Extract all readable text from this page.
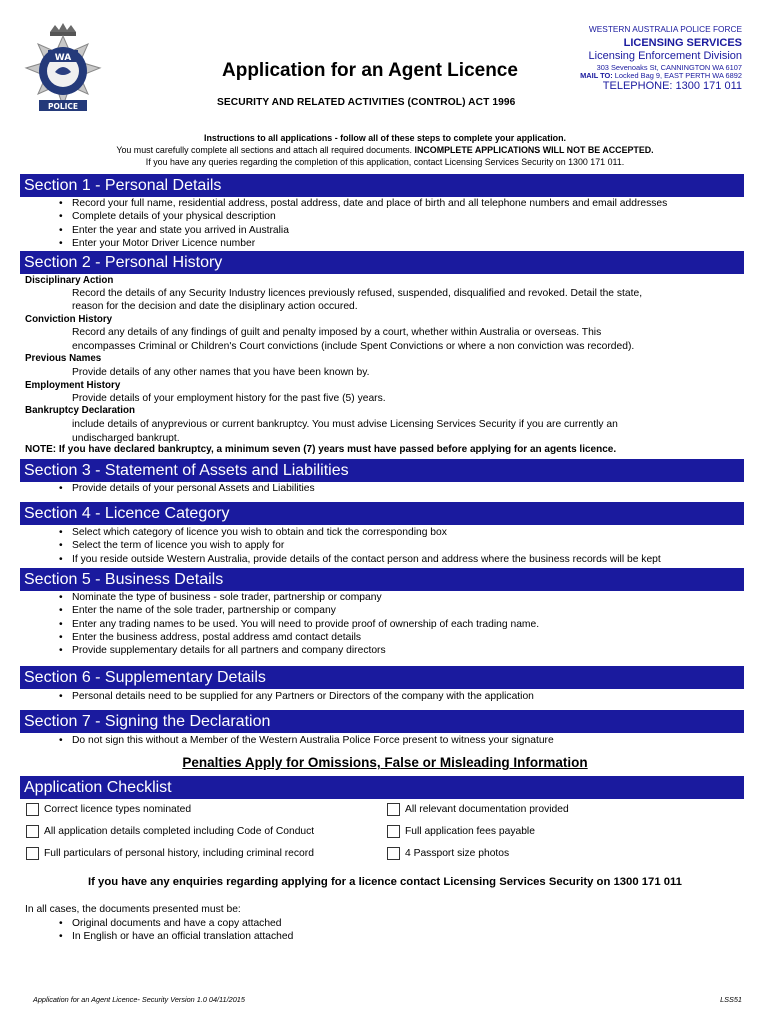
WA
POLICE
Application for an Agent Licence
SECURITY AND RELATED ACTIVITIES (CONTROL) ACT 1996
WESTERN AUSTRALIA POLICE FORCE
LICENSING SERVICES
Licensing Enforcement Division
303 Sevenoaks St, CANNINGTON WA 6107
MAIL TO: Locked Bag 9, EAST PERTH WA 6892
TELEPHONE: 1300 171 011
Instructions to all applications - follow all of these steps to complete your application.
You must carefully complete all sections and attach all required documents. INCOMPLETE APPLICATIONS WILL NOT BE ACCEPTED.
If you have any queries regarding the completion of this application, contact Licensing Services Security on 1300 171 011.
Section 1 - Personal Details
• Record your full name, residential address, postal address, date and place of birth and all telephone numbers and email addresses
• Complete details of your physical description
• Enter the year and state you arrived in Australia
• Enter your Motor Driver Licence number
Section 2 - Personal History
Disciplinary Action
Record the details of any Security Industry licences previously refused, suspended, disqualified and revoked. Detail the state,
reason for the decision and date the disiplinary action occured.
Conviction History
Record any details of any findings of guilt and penalty imposed by a court, whether within Australia or overseas. This
encompasses Criminal or Children's Court convictions (include Spent Convictions or where a non conviction was recorded).
Previous Names
Provide details of any other names that you have been known by.
Employment History
Provide details of your employment history for the past five (5) years.
Bankruptcy Declaration
include details of anyprevious or current bankruptcy. You must advise Licensing Services Security if you are currently an
undischarged bankrupt.
NOTE: If you have declared bankruptcy, a minimum seven (7) years must have passed before applying for an agents licence.
Section 3 - Statement of Assets and Liabilities
• Provide details of your personal Assets and Liabilities
Section 4 - Licence Category
• Select which category of licence you wish to obtain and tick the corresponding box
• Select the term of licence you wish to apply for
• If you reside outside Western Australia, provide details of the contact person and address where the business records will be kept
Section 5 - Business Details
• Nominate the type of business - sole trader, partnership or company
• Enter the name of the sole trader, partnership or company
• Enter any trading names to be used. You will need to provide proof of ownership of each trading name.
• Enter the business address, postal address amd contact details
• Provide supplementary details for all partners and company directors
Section 6 - Supplementary Details
• Personal details need to be supplied for any Partners or Directors of the company with the application
Section 7 - Signing the Declaration
• Do not sign this without a Member of the Western Australia Police Force present to witness your signature
Penalties Apply for Omissions, False or Misleading Information
Application Checklist
Correct licence types nominated	All relevant documentation provided
All application details completed including Code of Conduct	Full application fees payable
Full particulars of personal history, including criminal record	4 Passport size photos
If you have any enquiries regarding applying for a licence contact Licensing Services Security on 1300 171 011
In all cases, the documents presented must be:
• Original documents and have a copy attached
• In English or have an official translation attached
Application for an Agent Licence- Security Version 1.0 04/11/2015	LSS51
